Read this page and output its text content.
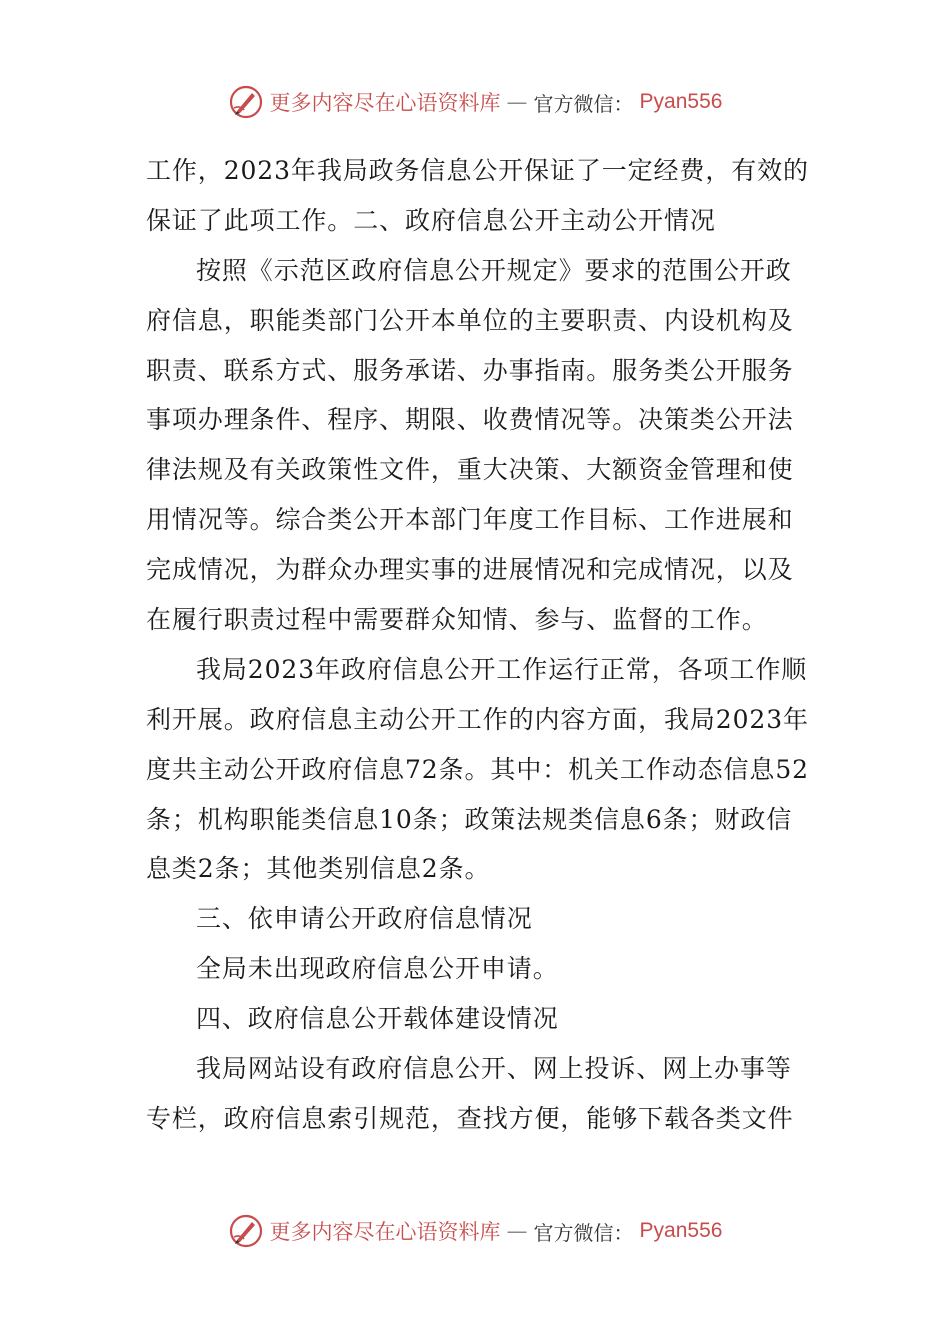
更多内容尽在心语资料库 — 官方微信： Pyan556
工作，2023年我局政务信息公开保证了一定经费，有效的
保证了此项工作。二、政府信息公开主动公开情况
按照《示范区政府信息公开规定》要求的范围公开政
府信息，职能类部门公开本单位的主要职责、内设机构及
职责、联系方式、服务承诺、办事指南。服务类公开服务
事项办理条件、程序、期限、收费情况等。决策类公开法
律法规及有关政策性文件，重大决策、大额资金管理和使
用情况等。综合类公开本部门年度工作目标、工作进展和
完成情况，为群众办理实事的进展情况和完成情况，以及
在履行职责过程中需要群众知情、参与、监督的工作。
我局2023年政府信息公开工作运行正常，各项工作顺
利开展。政府信息主动公开工作的内容方面，我局2023年
度共主动公开政府信息72条。其中：机关工作动态信息52
条；机构职能类信息10条；政策法规类信息6条；财政信
息类2条；其他类别信息2条。
三、依申请公开政府信息情况
全局未出现政府信息公开申请。
四、政府信息公开载体建设情况
我局网站设有政府信息公开、网上投诉、网上办事等
专栏，政府信息索引规范，查找方便，能够下载各类文件
更多内容尽在心语资料库 — 官方微信： Pyan556
